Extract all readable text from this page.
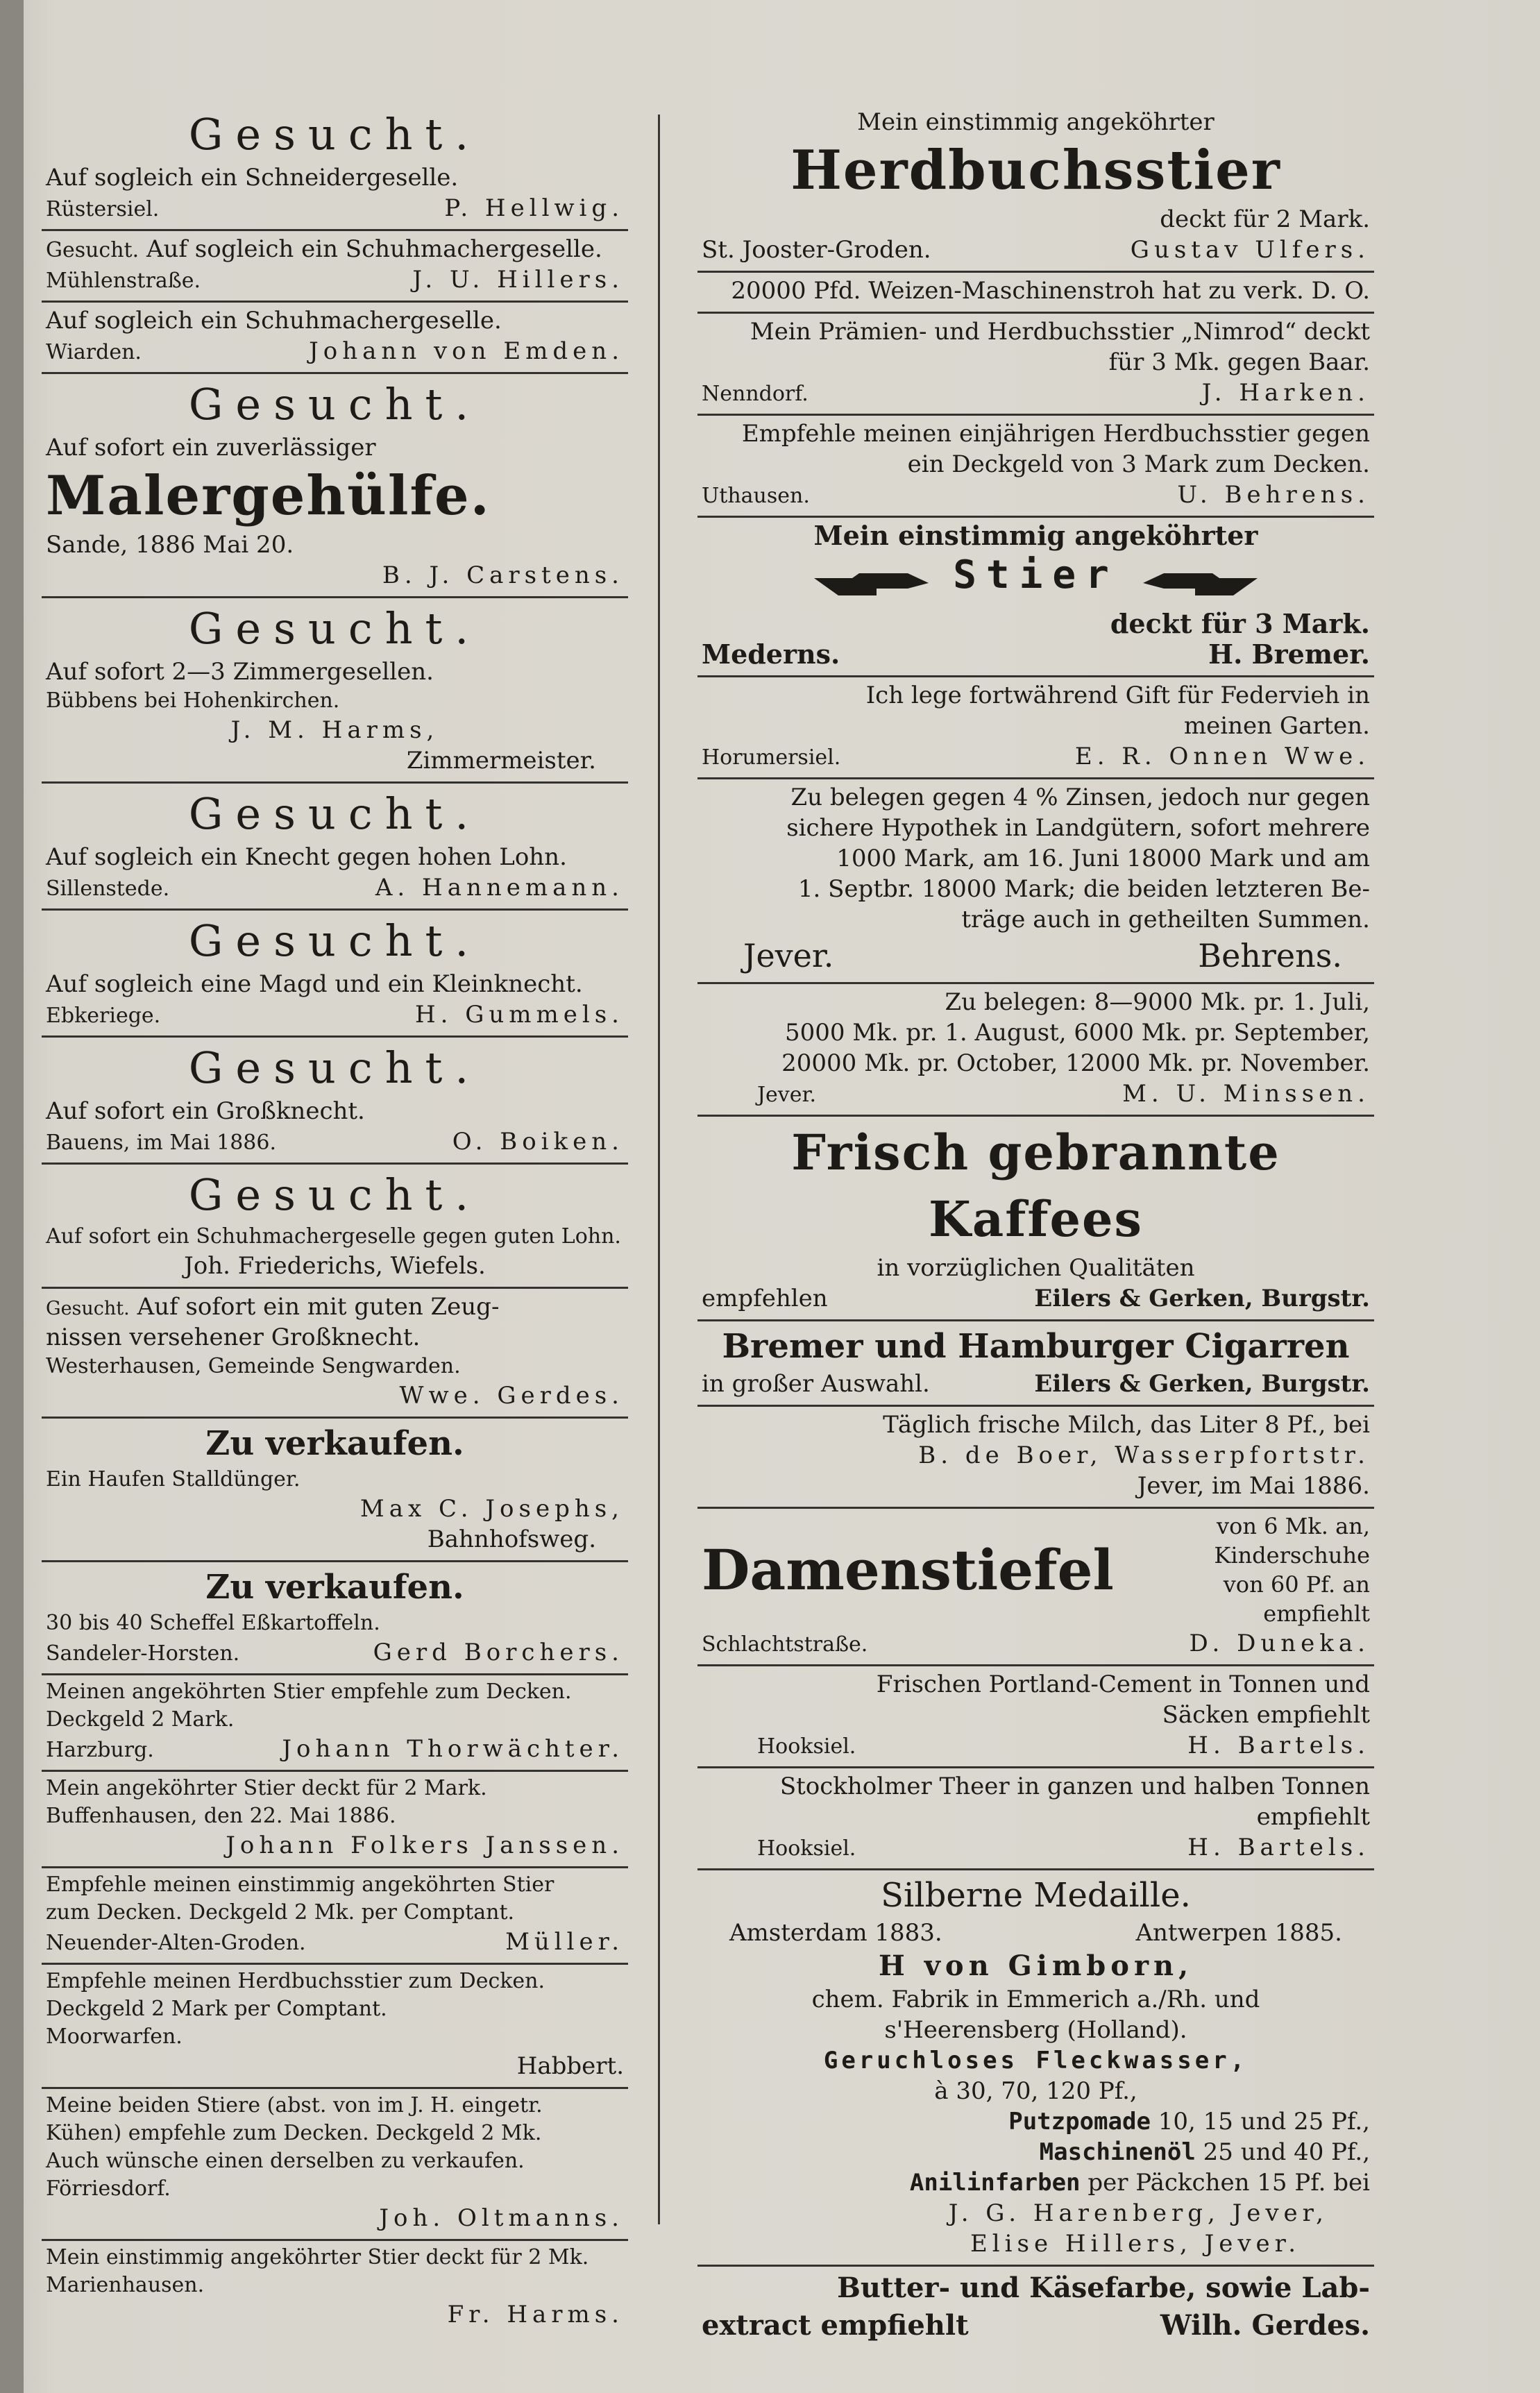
Gesucht.
Auf sogleich ein Schneidergeselle.
Rüstersiel.	P. Hellwig.
Gesucht. Auf sogleich ein Schuhmachergeselle.
Mühlenstraße.	J. U. Hillers.
Auf sogleich ein Schuhmachergeselle.
Wiarden.	Johann von Emden.
Gesucht.
Auf sofort ein zuverlässiger
Malergehülfe.
Sande, 1886 Mai 20.
B. J. Carstens.
Gesucht.
Auf sofort 2—3 Zimmergesellen.
Bübbens bei Hohenkirchen.
J. M. Harms,
Zimmermeister.
Gesucht.
Auf sogleich ein Knecht gegen hohen Lohn.
Sillenstede.	A. Hannemann.
Gesucht.
Auf sogleich eine Magd und ein Kleinknecht.
Ebkeriege.	H. Gummels.
Gesucht.
Auf sofort ein Großknecht.
Bauens, im Mai 1886.	O. Boiken.
Gesucht.
Auf sofort ein Schuhmachergeselle gegen guten Lohn.
Joh. Friederichs, Wiefels.
Gesucht. Auf sofort ein mit guten Zeug-
nissen versehener Großknecht.
Westerhausen, Gemeinde Sengwarden.
Wwe. Gerdes.
Zu verkaufen.
Ein Haufen Stalldünger.
Max C. Josephs,
Bahnhofsweg.
Zu verkaufen.
30 bis 40 Scheffel Eßkartoffeln.
Sandeler-Horsten.	Gerd Borchers.
Meinen angeköhrten Stier empfehle zum Decken.
Deckgeld 2 Mark.
Harzburg.	Johann Thorwächter.
Mein angeköhrter Stier deckt für 2 Mark.
Buffenhausen, den 22. Mai 1886.
Johann Folkers Janssen.
Empfehle meinen einstimmig angeköhrten Stier
zum Decken. Deckgeld 2 Mk. per Comptant.
Neuender-Alten-Groden.	Müller.
Empfehle meinen Herdbuchsstier zum Decken.
Deckgeld 2 Mark per Comptant.
Moorwarfen.
Habbert.
Meine beiden Stiere (abst. von im J. H. eingetr.
Kühen) empfehle zum Decken. Deckgeld 2 Mk.
Auch wünsche einen derselben zu verkaufen.
Förriesdorf.
Joh. Oltmanns.
Mein einstimmig angeköhrter Stier deckt für 2 Mk.
Marienhausen.
Fr. Harms.
Mein einstimmig angeköhrter
Herdbuchsstier
deckt für 2 Mark.
St. Jooster-Groden.	Gustav Ulfers.
20000 Pfd. Weizen-Maschinenstroh hat zu verk. D. O.
Mein Prämien- und Herdbuchsstier „Nimrod“ deckt
für 3 Mk. gegen Baar.
Nenndorf.	J. Harken.
Empfehle meinen einjährigen Herdbuchsstier gegen
ein Deckgeld von 3 Mark zum Decken.
Uthausen.	U. Behrens.
Mein einstimmig angeköhrter
Stier
deckt für 3 Mark.
Mederns.	H. Bremer.
Ich lege fortwährend Gift für Federvieh in
meinen Garten.
Horumersiel.	E. R. Onnen Wwe.
Zu belegen gegen 4 % Zinsen, jedoch nur gegen
sichere Hypothek in Landgütern, sofort mehrere
1000 Mark, am 16. Juni 18000 Mark und am
1. Septbr. 18000 Mark; die beiden letzteren Be-
träge auch in getheilten Summen.
Jever.	Behrens.
Zu belegen: 8—9000 Mk. pr. 1. Juli,
5000 Mk. pr. 1. August, 6000 Mk. pr. September,
20000 Mk. pr. October, 12000 Mk. pr. November.
Jever.	M. U. Minssen.
Frisch gebrannte Kaffees
in vorzüglichen Qualitäten
empfehlen	Eilers & Gerken, Burgstr.
Bremer und Hamburger Cigarren
in großer Auswahl.	Eilers & Gerken, Burgstr.
Täglich frische Milch, das Liter 8 Pf., bei
B. de Boer, Wasserpfortstr.
Jever, im Mai 1886.
Damenstiefel
von 6 Mk. an, Kinderschuhe
von 60 Pf. an empfiehlt
Schlachtstraße.	D. Duneka.
Frischen Portland-Cement in Tonnen und
Säcken empfiehlt
Hooksiel.	H. Bartels.
Stockholmer Theer in ganzen und halben Tonnen
empfiehlt
Hooksiel.	H. Bartels.
Silberne Medaille.
Amsterdam 1883.	Antwerpen 1885.
H von Gimborn,
chem. Fabrik in Emmerich a./Rh. und
s'Heerensberg (Holland).
Geruchloses Fleckwasser,
à 30, 70, 120 Pf.,
Putzpomade 10, 15 und 25 Pf.,
Maschinenöl 25 und 40 Pf.,
Anilinfarben per Päckchen 15 Pf. bei
J. G. Harenberg, Jever,
Elise Hillers, Jever.
Butter- und Käsefarbe, sowie Lab-
extract empfiehlt	Wilh. Gerdes.
